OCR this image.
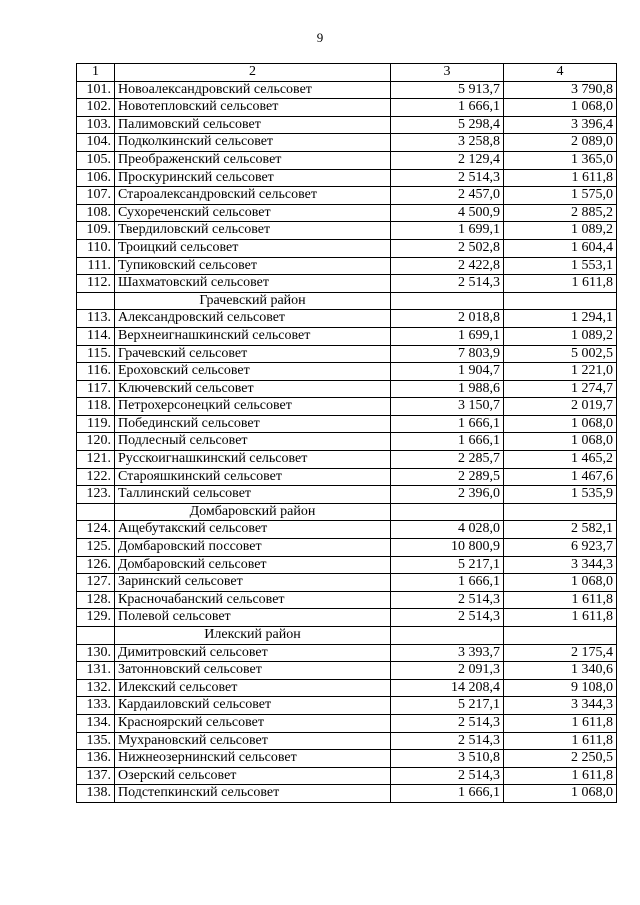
9
1	2	3	4
101.	Новоалександровский сельсовет	5 913,7	3 790,8
102.	Новотепловский сельсовет	1 666,1	1 068,0
103.	Палимовский сельсовет	5 298,4	3 396,4
104.	Подколкинский сельсовет	3 258,8	2 089,0
105.	Преображенский сельсовет	2 129,4	1 365,0
106.	Проскуринский сельсовет	2 514,3	1 611,8
107.	Староалександровский сельсовет	2 457,0	1 575,0
108.	Сухореченский сельсовет	4 500,9	2 885,2
109.	Твердиловский сельсовет	1 699,1	1 089,2
110.	Троицкий сельсовет	2 502,8	1 604,4
111.	Тупиковский сельсовет	2 422,8	1 553,1
112.	Шахматовский сельсовет	2 514,3	1 611,8
	Грачевский район		
113.	Александровский сельсовет	2 018,8	1 294,1
114.	Верхнеигнашкинский сельсовет	1 699,1	1 089,2
115.	Грачевский сельсовет	7 803,9	5 002,5
116.	Ероховский сельсовет	1 904,7	1 221,0
117.	Ключевский сельсовет	1 988,6	1 274,7
118.	Петрохерсонецкий сельсовет	3 150,7	2 019,7
119.	Побединский сельсовет	1 666,1	1 068,0
120.	Подлесный сельсовет	1 666,1	1 068,0
121.	Русскоигнашкинский сельсовет	2 285,7	1 465,2
122.	Старояшкинский сельсовет	2 289,5	1 467,6
123.	Таллинский сельсовет	2 396,0	1 535,9
	Домбаровский район		
124.	Ащебутакский сельсовет	4 028,0	2 582,1
125.	Домбаровский поссовет	10 800,9	6 923,7
126.	Домбаровский сельсовет	5 217,1	3 344,3
127.	Заринский сельсовет	1 666,1	1 068,0
128.	Красночабанский сельсовет	2 514,3	1 611,8
129.	Полевой сельсовет	2 514,3	1 611,8
	Илекский район		
130.	Димитровский сельсовет	3 393,7	2 175,4
131.	Затонновский сельсовет	2 091,3	1 340,6
132.	Илекский сельсовет	14 208,4	9 108,0
133.	Кардаиловский сельсовет	5 217,1	3 344,3
134.	Красноярский сельсовет	2 514,3	1 611,8
135.	Мухрановский сельсовет	2 514,3	1 611,8
136.	Нижнеозернинский сельсовет	3 510,8	2 250,5
137.	Озерский сельсовет	2 514,3	1 611,8
138.	Подстепкинский сельсовет	1 666,1	1 068,0
